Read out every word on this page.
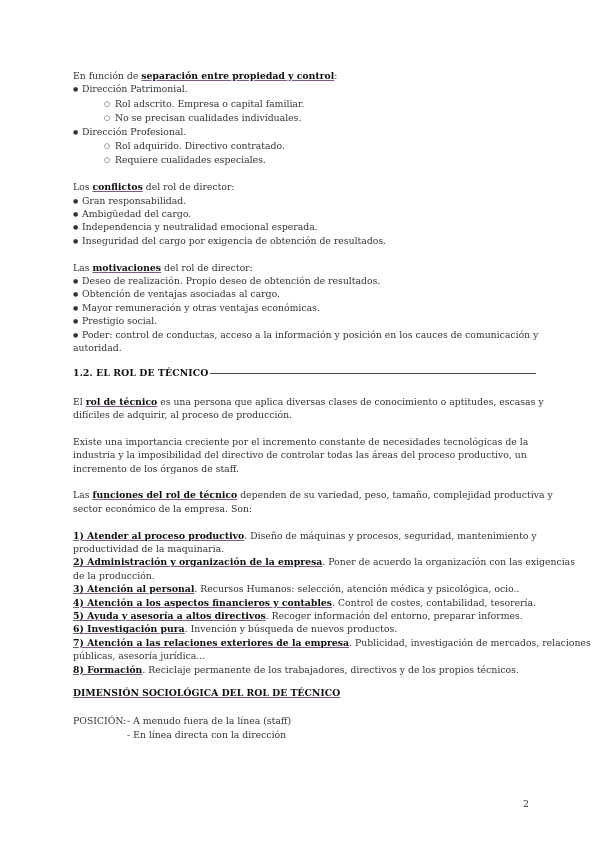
En función de separación entre propiedad y control:
● Dirección Patrimonial.
○ Rol adscrito. Empresa o capital familiar.
○ No se precisan cualidades individuales.
● Dirección Profesional.
○ Rol adquirido. Directivo contratado.
○ Requiere cualidades especiales.
Los conflictos del rol de director:
● Gran responsabilidad.
● Ambigüedad del cargo.
● Independencia y neutralidad emocional esperada.
● Inseguridad del cargo por exigencia de obtención de resultados.
Las motivaciones del rol de director:
● Deseo de realización. Propio deseo de obtención de resultados.
● Obtención de ventajas asociadas al cargo.
● Mayor remuneración y otras ventajas económicas.
● Prestigio social.
● Poder: control de conductas, acceso a la información y posición en los cauces de comunicación y
autoridad.
1.2. EL ROL DE TÉCNICO
El rol de técnico es una persona que aplica diversas clases de conocimiento o aptitudes, escasas y
difíciles de adquirir, al proceso de producción.
Existe una importancia creciente por el incremento constante de necesidades tecnológicas de la
industria y la imposibilidad del directivo de controlar todas las áreas del proceso productivo, un
incremento de los órganos de staff.
Las funciones del rol de técnico dependen de su variedad, peso, tamaño, complejidad productiva y
sector económico de la empresa. Son:
1) Atender al proceso productivo. Diseño de máquinas y procesos, seguridad, mantenimiento y
productividad de la maquinaria.
2) Administración y organización de la empresa. Poner de acuerdo la organización con las exigencias
de la producción.
3) Atención al personal. Recursos Humanos: selección, atención médica y psicológica, ocio..
4) Atención a los aspectos financieros y contables. Control de costes, contabilidad, tesorería.
5) Ayuda y asesoría a altos directivos. Recoger información del entorno, preparar informes.
6) Investigación pura. Invención y búsqueda de nuevos productos.
7) Atención a las relaciones exteriores de la empresa. Publicidad, investigación de mercados, relaciones
públicas, asesoría jurídica...
8) Formación. Reciclaje permanente de los trabajadores, directivos y de los propios técnicos.
DIMENSIÓN SOCIOLÓGICA DEL ROL DE TÉCNICO
POSICIÓN: - A menudo fuera de la línea (staff)
- En línea directa con la dirección
2
